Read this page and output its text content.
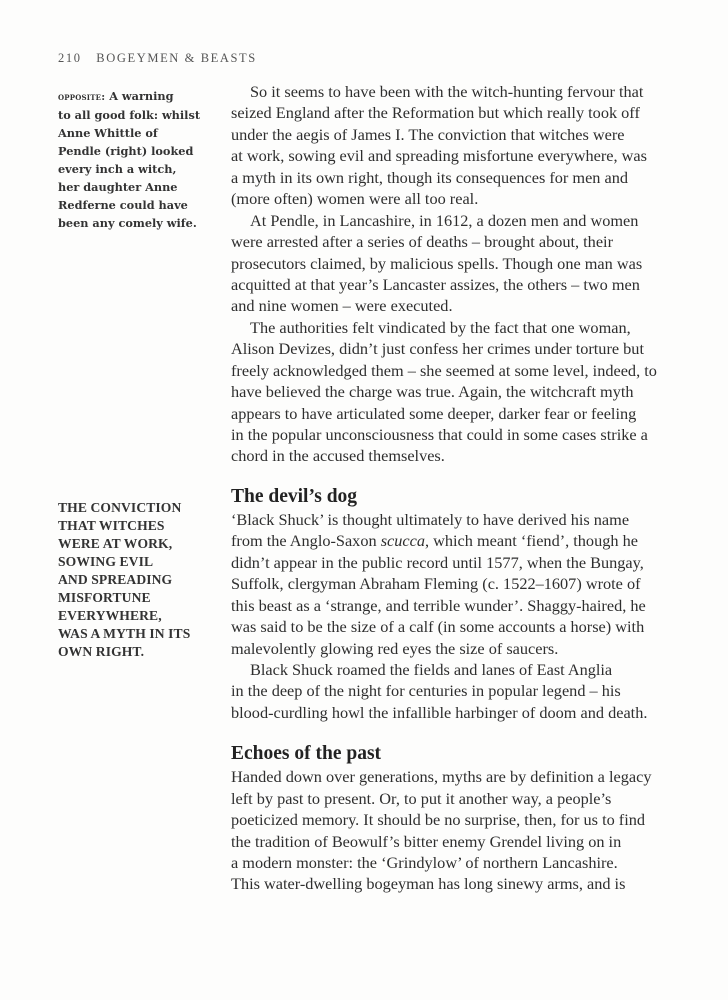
210 BOGEYMEN & BEASTS
opposite: A warning
to all good folk: whilst
Anne Whittle of
Pendle (right) looked
every inch a witch,
her daughter Anne
Redferne could have
been any comely wife.
THE CONVICTION
THAT WITCHES
WERE AT WORK,
SOWING EVIL
AND SPREADING
MISFORTUNE
EVERYWHERE,
WAS A MYTH IN ITS
OWN RIGHT.
So it seems to have been with the witch-hunting fervour that
seized England after the Reformation but which really took off
under the aegis of James I. The conviction that witches were
at work, sowing evil and spreading misfortune everywhere, was
a myth in its own right, though its consequences for men and
(more often) women were all too real.
At Pendle, in Lancashire, in 1612, a dozen men and women
were arrested after a series of deaths – brought about, their
prosecutors claimed, by malicious spells. Though one man was
acquitted at that year’s Lancaster assizes, the others – two men
and nine women – were executed.
The authorities felt vindicated by the fact that one woman,
Alison Devizes, didn’t just confess her crimes under torture but
freely acknowledged them – she seemed at some level, indeed, to
have believed the charge was true. Again, the witchcraft myth
appears to have articulated some deeper, darker fear or feeling
in the popular unconsciousness that could in some cases strike a
chord in the accused themselves.
The devil’s dog
‘Black Shuck’ is thought ultimately to have derived his name
from the Anglo-Saxon scucca, which meant ‘fiend’, though he
didn’t appear in the public record until 1577, when the Bungay,
Suffolk, clergyman Abraham Fleming (c. 1522–1607) wrote of
this beast as a ‘strange, and terrible wunder’. Shaggy-haired, he
was said to be the size of a calf (in some accounts a horse) with
malevolently glowing red eyes the size of saucers.
Black Shuck roamed the fields and lanes of East Anglia
in the deep of the night for centuries in popular legend – his
blood-curdling howl the infallible harbinger of doom and death.
Echoes of the past
Handed down over generations, myths are by definition a legacy
left by past to present. Or, to put it another way, a people’s
poeticized memory. It should be no surprise, then, for us to find
the tradition of Beowulf’s bitter enemy Grendel living on in
a modern monster: the ‘Grindylow’ of northern Lancashire.
This water-dwelling bogeyman has long sinewy arms, and is
